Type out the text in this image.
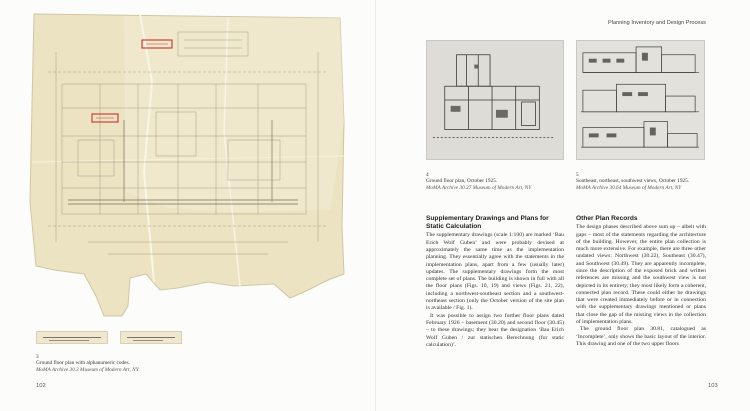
3
Ground floor plan with alphanumeric codes.
MoMA Archive 30.3 Museum of Modern Art, NY
102
Planning Inventory and Design Process
4
Ground floor plan, October 1925.
MoMA Archive 30.37 Museum of Modern Art, NY
5
Southeast, northeast, southwest views, October 1925.
MoMA Archive 30.64 Museum of Modern Art, NY
Supplementary Drawings and Plans for Static Calculation

The supplementary drawings (scale 1:100) are marked ‘Bau Erich Wolf Guben’ and were probably devised at approximately the same time as the implementation planning. They essentially agree with the statements in the implementation plans, apart from a few (usually later) updates. The supplementary drawings form the most complete set of plans. The building is shown in full with all the floor plans (Figs. 10, 19) and views (Figs. 21, 22), including a northwest-southeast section and a southwest-northeast section (only the October version of the site plan is available / Fig. 1).

It was possible to assign two further floor plans dated February 1926 – basement (30.20) and second floor (30.45) – to these drawings; they bear the designation ‘Bau Erich Wolf Guben / zur statischen Berechnung (for static calculation)’.

Other Plan Records

The design phases described above sum up – albeit with gaps – most of the statements regarding the architecture of the building. However, the entire plan collection is much more extensive. For example, there are three other undated views: Northwest (30.22), Southeast (30.47), and Southwest (30.49). They are apparently incomplete, since the description of the exposed brick and written references are missing and the southwest view is not depicted in its entirety; they most likely form a coherent, connected plan record. These could either be drawings that were created immediately before or in connection with the supplementary drawings mentioned or plans that close the gap of the missing views in the collection of implementation plans.

The ground floor plan 30.81, catalogued as ‘Incomplete’, only shows the basic layout of the interior. This drawing and one of the two upper floors

103
